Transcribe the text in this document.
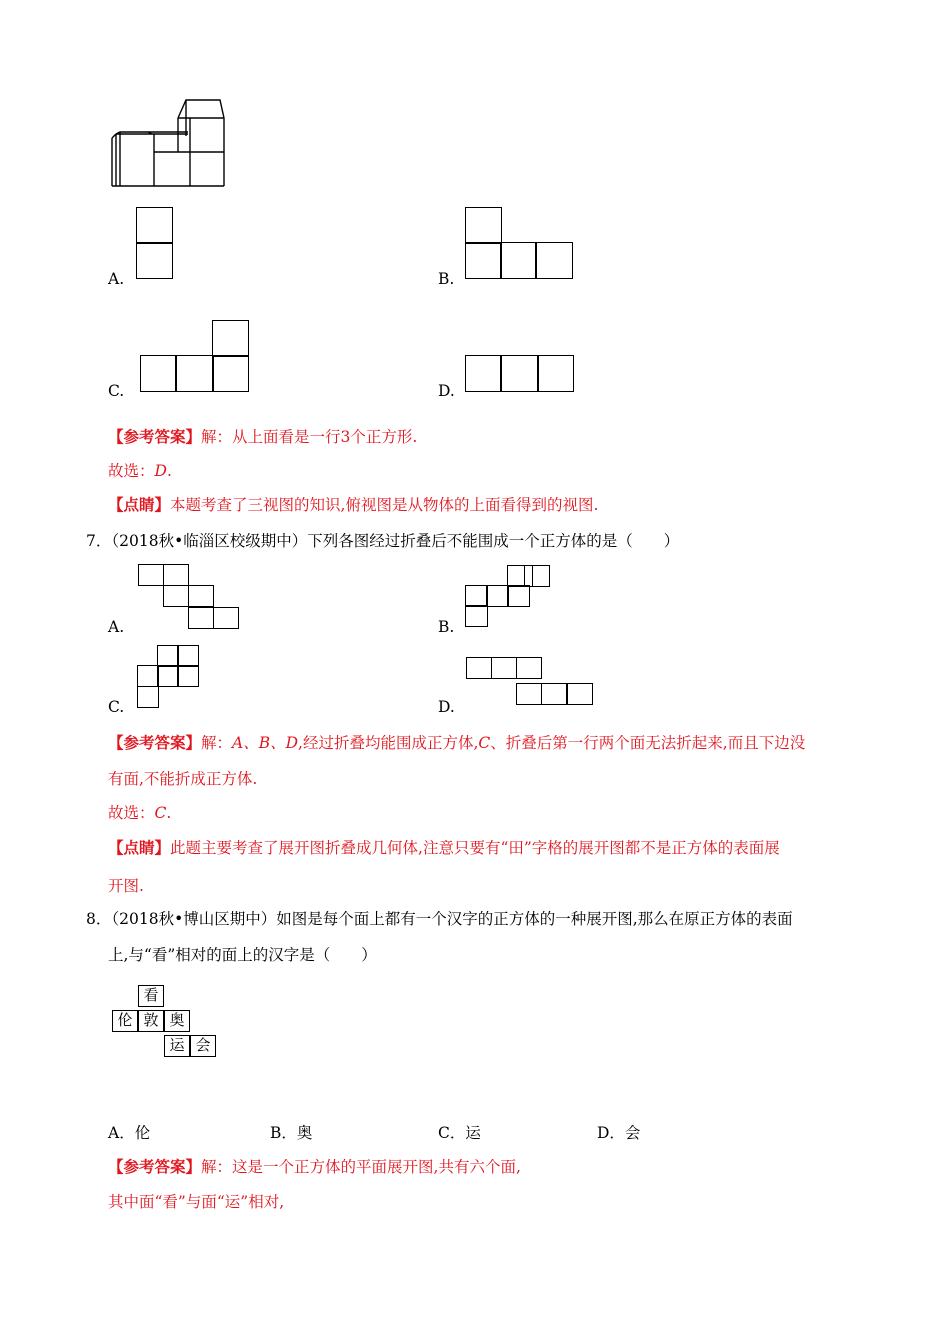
A.	B.
C.	D.
【参考答案】解：从上面看是一行3个正方形.
故选：D.
【点睛】本题考查了三视图的知识,俯视图是从物体的上面看得到的视图.
7．（2018秋•临淄区校级期中）下列各图经过折叠后不能围成一个正方体的是（　　）
A.	B.
C.	D.
【参考答案】解：A、B、D,经过折叠均能围成正方体,C、折叠后第一行两个面无法折起来,而且下边没
有面,不能折成正方体.
故选：C.
【点睛】此题主要考查了展开图折叠成几何体,注意只要有“田”字格的展开图都不是正方体的表面展
开图.
8．（2018秋•博山区期中）如图是每个面上都有一个汉字的正方体的一种展开图,那么在原正方体的表面
上,与“看”相对的面上的汉字是（　　）
看
伦 敦 奥
运 会
A．伦	B．奥	C．运	D．会
【参考答案】解：这是一个正方体的平面展开图,共有六个面,
其中面“看”与面“运”相对,
